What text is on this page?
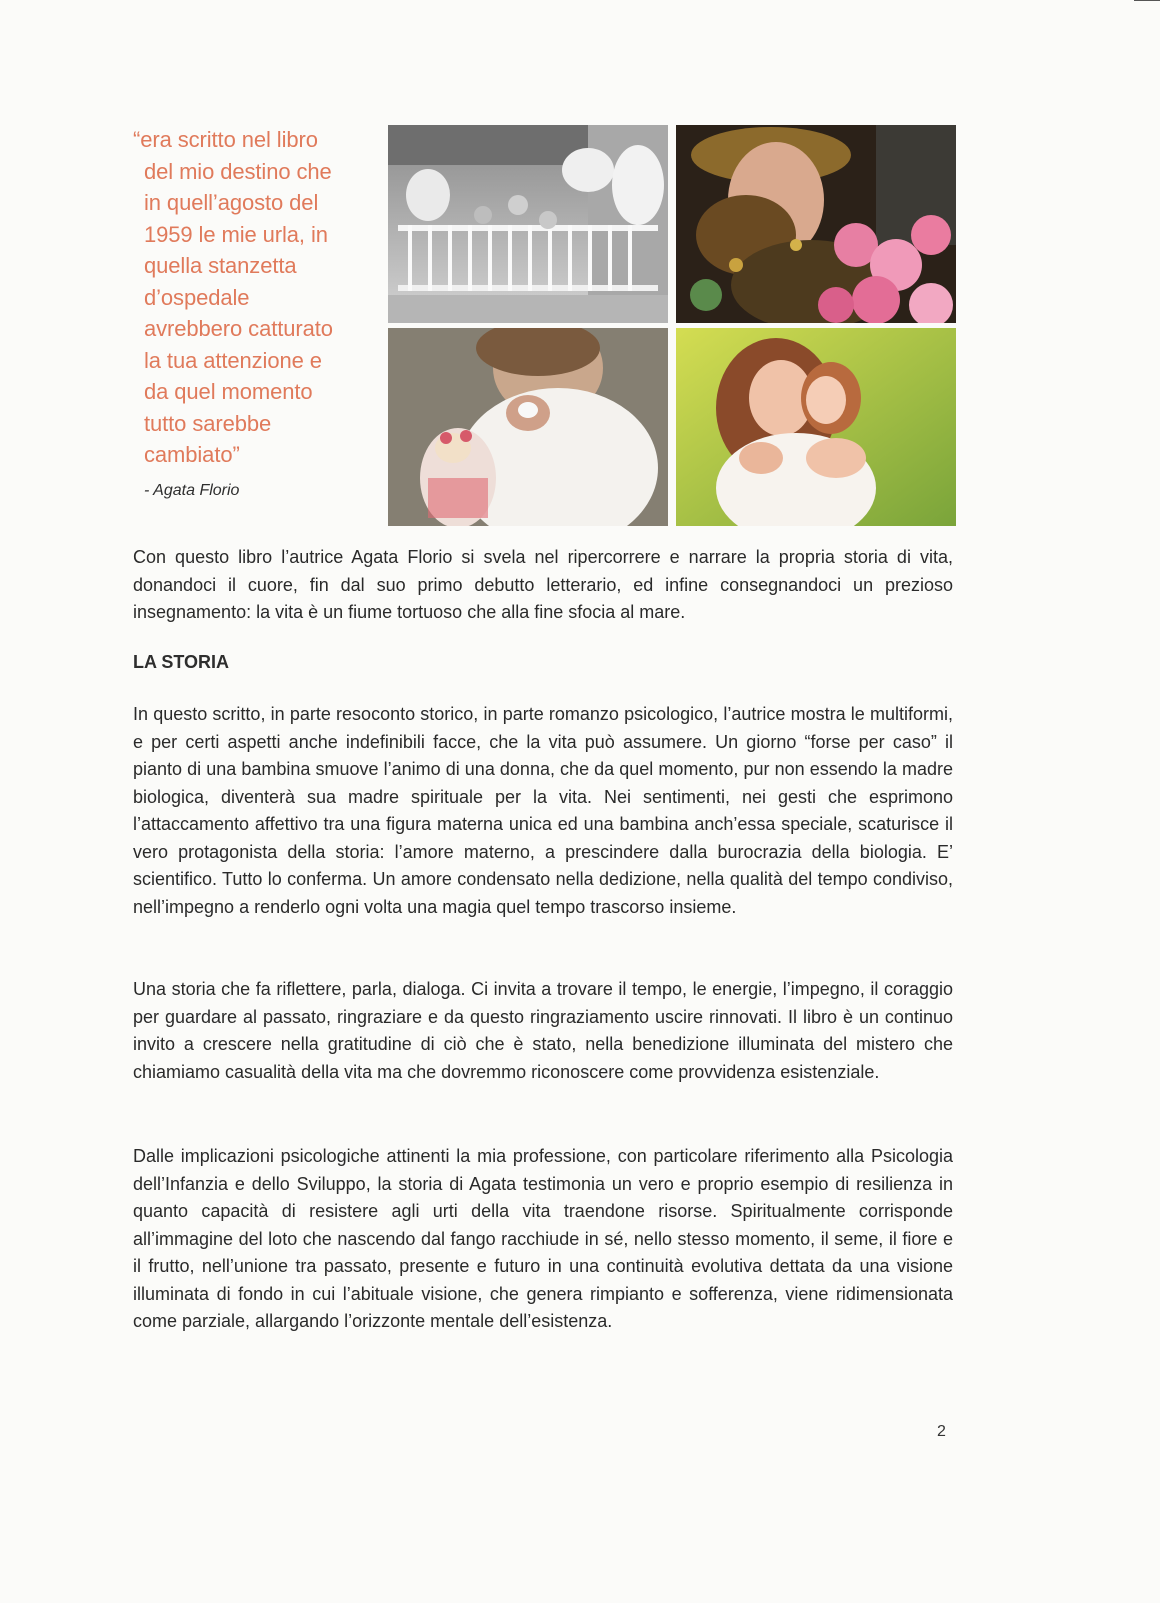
“era scritto nel libro
del mio destino che
in quell’agosto del
1959 le mie urla, in
quella stanzetta
d’ospedale
avrebbero catturato
la tua attenzione e
da quel momento
tutto sarebbe
cambiato”

- Agata Florio

Con questo libro l’autrice Agata Florio si svela nel ripercorrere e narrare la propria storia di vita, donandoci il cuore, fin dal suo primo debutto letterario, ed infine consegnandoci un prezioso insegnamento: la vita è un fiume tortuoso che alla fine sfocia al mare.

LA STORIA

In questo scritto, in parte resoconto storico, in parte romanzo psicologico, l’autrice mostra le multiformi, e per certi aspetti anche indefinibili facce, che la vita può assumere. Un giorno “forse per caso” il pianto di una bambina smuove l’animo di una donna, che da quel momento, pur non essendo la madre biologica, diventerà sua madre spirituale per la vita. Nei sentimenti, nei gesti che esprimono l’attaccamento affettivo tra una figura materna unica ed una bambina anch’essa speciale, scaturisce il vero protagonista della storia: l’amore materno, a prescindere dalla burocrazia della biologia. E’ scientifico. Tutto lo conferma. Un amore condensato nella dedizione, nella qualità del tempo condiviso, nell’impegno a renderlo ogni volta una magia quel tempo trascorso insieme.

Una storia che fa riflettere, parla, dialoga. Ci invita a trovare il tempo, le energie, l’impegno, il coraggio per guardare al passato, ringraziare e da questo ringraziamento uscire rinnovati. Il libro è un continuo invito a crescere nella gratitudine di ciò che è stato, nella benedizione illuminata del mistero che chiamiamo casualità della vita ma che dovremmo riconoscere come provvidenza esistenziale.

Dalle implicazioni psicologiche attinenti la mia professione, con particolare riferimento alla Psicologia dell’Infanzia e dello Sviluppo, la storia di Agata testimonia un vero e proprio esempio di resilienza in quanto capacità di resistere agli urti della vita traendone risorse. Spiritualmente corrisponde all’immagine del loto che nascendo dal fango racchiude in sé, nello stesso momento, il seme, il fiore e il frutto, nell’unione tra passato, presente e futuro in una continuità evolutiva dettata da una visione illuminata di fondo in cui l’abituale visione, che genera rimpianto e sofferenza, viene ridimensionata come parziale, allargando l’orizzonte mentale dell’esistenza.

2
